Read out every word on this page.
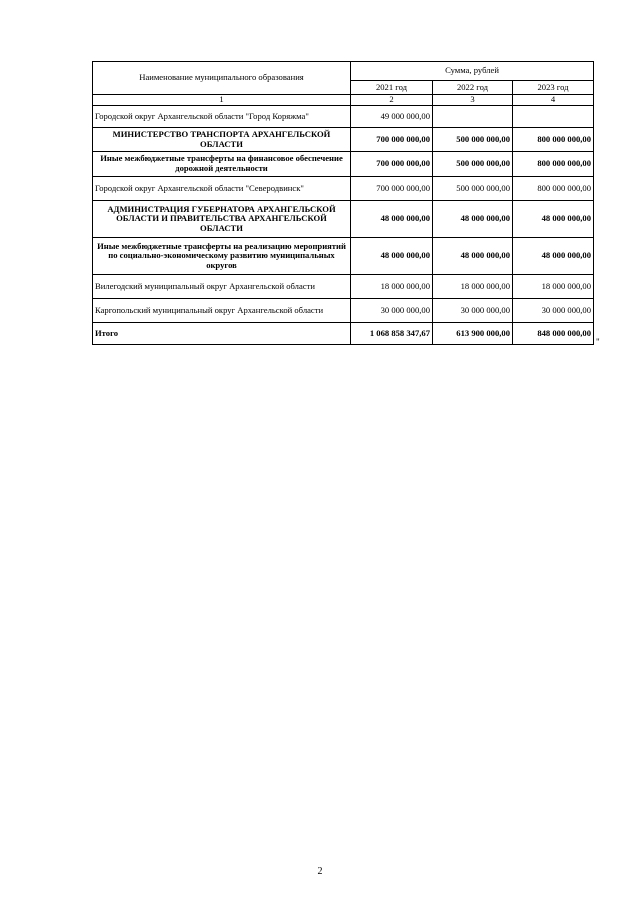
Наименование муниципального образования	Сумма, рублей		
	2021 год	2022 год	2023 год
1	2	3	4
Городской округ Архангельской области "Город Коряжма"	49 000 000,00		
МИНИСТЕРСТВО ТРАНСПОРТА АРХАНГЕЛЬСКОЙ ОБЛАСТИ	700 000 000,00	500 000 000,00	800 000 000,00
Иные межбюджетные трансферты на финансовое обеспечение дорожной деятельности	700 000 000,00	500 000 000,00	800 000 000,00
Городской округ Архангельской области "Северодвинск"	700 000 000,00	500 000 000,00	800 000 000,00
АДМИНИСТРАЦИЯ ГУБЕРНАТОРА АРХАНГЕЛЬСКОЙ ОБЛАСТИ И ПРАВИТЕЛЬСТВА АРХАНГЕЛЬСКОЙ ОБЛАСТИ	48 000 000,00	48 000 000,00	48 000 000,00
Иные межбюджетные трансферты на реализацию мероприятий по социально-экономическому развитию муниципальных округов	48 000 000,00	48 000 000,00	48 000 000,00
Вилегодский муниципальный округ Архангельской области	18 000 000,00	18 000 000,00	18 000 000,00
Каргопольский муниципальный округ Архангельской области	30 000 000,00	30 000 000,00	30 000 000,00
Итого	1 068 858 347,67	613 900 000,00	848 000 000,00
"
2
